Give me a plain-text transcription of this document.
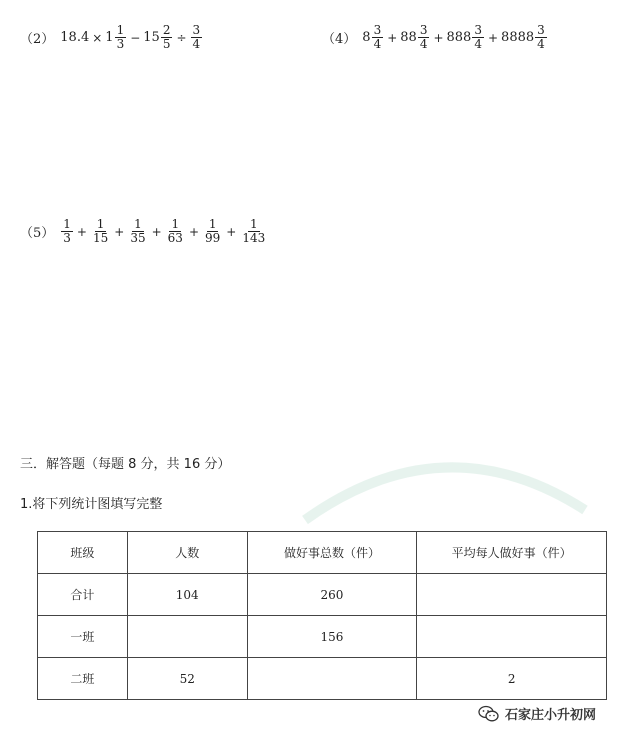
（2） $18.4 \times 1 \frac{1}{3} - 15 \frac{2}{5} \div \frac{3}{4}$	（4） $8 \frac{3}{4} + 88 \frac{3}{4} + 888 \frac{3}{4} + 8888 \frac{3}{4}$
$(5) \frac{1}{3} + \frac{1}{15} + \frac{1}{35} + \frac{1}{63} + \frac{1}{99} + \frac{1}{143}$
三．解答题（每题 8 分，共 16 分）
1.将下列统计图填写完整
班级	人数	做好事总数（件）	平均每人做好事（件）
合计	104	260	
一班		156	
二班	52		2
石家庄小升初网
